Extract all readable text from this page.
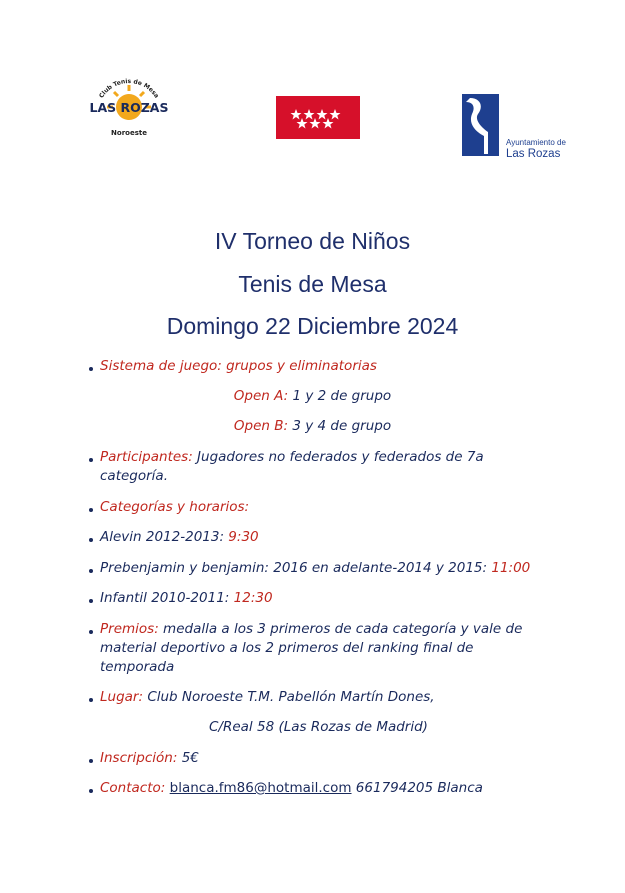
Club Tenis de Mesa
LAS ROZAS
Noroeste
Ayuntamiento de
Las Rozas
IV Torneo de Niños
Tenis de Mesa
Domingo 22 Diciembre 2024
Sistema de juego: grupos y eliminatorias
Open A: 1 y 2 de grupo
Open B: 3 y 4 de grupo
Participantes: Jugadores no federados y federados de 7a
categoría.
Categorías y horarios:
Alevin 2012-2013: 9:30
Prebenjamin y benjamin: 2016 en adelante-2014 y 2015: 11:00
Infantil 2010-2011: 12:30
Premios: medalla a los 3 primeros de cada categoría y vale de
material deportivo a los 2 primeros del ranking final de
temporada
Lugar: Club Noroeste T.M. Pabellón Martín Dones,
C/Real 58 (Las Rozas de Madrid)
Inscripción: 5€
Contacto: blanca.fm86@hotmail.com 661794205 Blanca
